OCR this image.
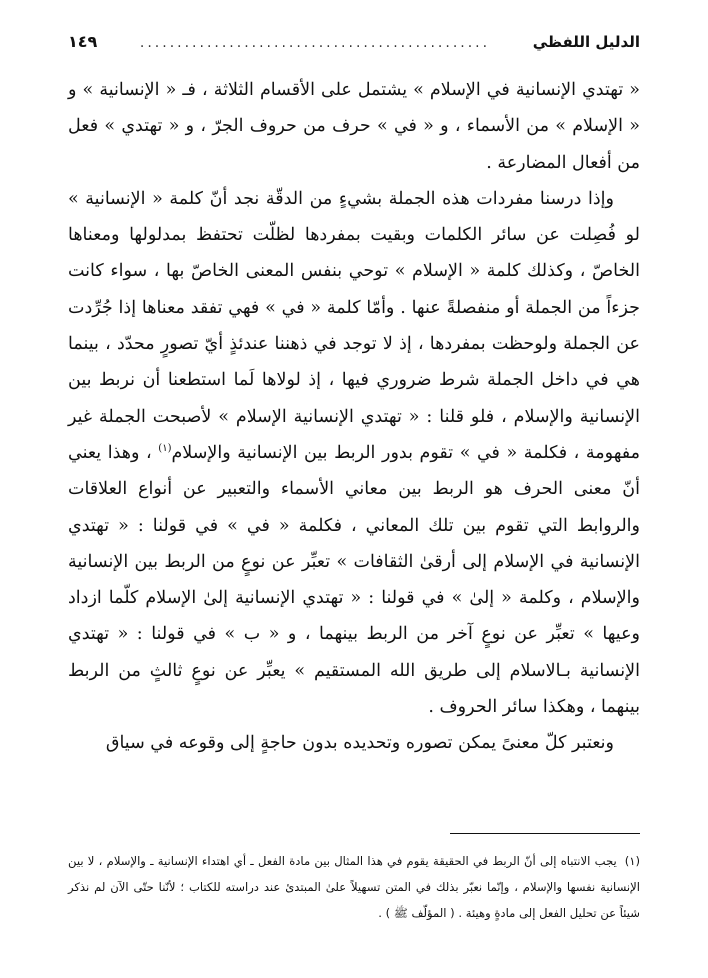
الدليل اللفظي
...............................................
١٤٩

« تهتدي الإنسانية في الإسلام » يشتمل على الأقسام الثلاثة ، فـ « الإنسانية » و « الإسلام » من الأسماء ، و « في » حرف من حروف الجرّ ، و « تهتدي » فعل من أفعال المضارعة .

وإذا درسنا مفردات هذه الجملة بشيءٍ من الدقّة نجد أنّ كلمة « الإنسانية » لو فُصِلت عن سائر الكلمات وبقيت بمفردها لظلّت تحتفظ بمدلولها ومعناها الخاصّ ، وكذلك كلمة « الإسلام » توحي بنفس المعنى الخاصّ بها ، سواء كانت جزءاً من الجملة أو منفصلةً عنها . وأمّا كلمة « في » فهي تفقد معناها إذا جُرِّدت عن الجملة ولوحظت بمفردها ، إذ لا توجد في ذهننا عندئذٍ أيّ تصورٍ محدّد ، بينما هي في داخل الجملة شرط ضروري فيها ، إذ لولاها لَما استطعنا أن نربط بين الإنسانية والإسلام ، فلو قلنا : « تهتدي الإنسانية الإسلام » لأصبحت الجملة غير مفهومة ، فكلمة « في » تقوم بدور الربط بين الإنسانية والإسلام$^{(١)}$ ، وهذا يعني أنّ معنى الحرف هو الربط بين معاني الأسماء والتعبير عن أنواع العلاقات والروابط التي تقوم بين تلك المعاني ، فكلمة « في » في قولنا : « تهتدي الإنسانية في الإسلام إلى أرقىٰ الثقافات » تعبِّر عن نوعٍ من الربط بين الإنسانية والإسلام ، وكلمة « إلىٰ » في قولنا : « تهتدي الإنسانية إلىٰ الإسلام كلّما ازداد وعيها » تعبِّر عن نوعٍ آخر من الربط بينهما ، و « ب » في قولنا : « تهتدي الإنسانية بـالاسلام إلى طريق الله المستقيم » يعبِّر عن نوعٍ ثالثٍ من الربط بينهما ، وهكذا سائر الحروف .

ونعتبر كلّ معنىً يمكن تصوره وتحديده بدون حاجةٍ إلى وقوعه في سياق

(١)يجب الانتباه إلى أنّ الربط في الحقيقة يقوم في هذا المثال بين مادة الفعل ـ أي اهتداء الإنسانية ـ والإسلام ، لا بين الإنسانية نفسها والإسلام ، وإنّما نعبّر بذلك في المتن تسهيلاً علىٰ المبتدئ عند دراسته للكتاب ؛ لأنّنا حتّى الآن لم نذكر شيئاً عن تحليل الفعل إلى مادةٍ وهيئة . ( المؤلّف ﷺ ) .
